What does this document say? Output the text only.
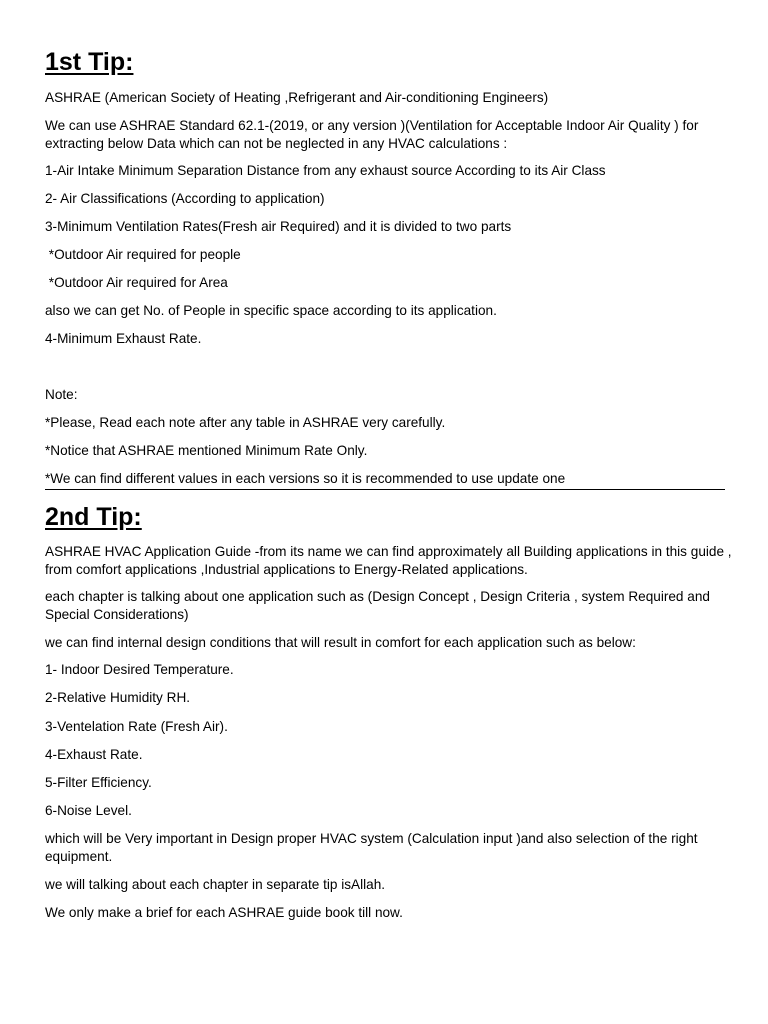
1st Tip:

ASHRAE (American Society of Heating ,Refrigerant and Air-conditioning Engineers)

We can use ASHRAE Standard 62.1-(2019, or any version )(Ventilation for Acceptable Indoor Air Quality ) for extracting below Data which can not be neglected in any HVAC calculations :

1-Air Intake Minimum Separation Distance from any exhaust source According to its Air Class

2- Air Classifications (According to application)

3-Minimum Ventilation Rates(Fresh air Required) and it is divided to two parts

*Outdoor Air required for people

*Outdoor Air required for Area

also we can get No. of People in specific space according to its application.

4-Minimum Exhaust Rate.

Note:

*Please, Read each note after any table in ASHRAE very carefully.

*Notice that ASHRAE mentioned Minimum Rate Only.

*We can find different values in each versions so it is recommended to use update one

2nd Tip:

ASHRAE HVAC Application Guide -from its name we can find approximately all Building applications in this guide , from comfort applications ,Industrial applications to Energy-Related applications.

each chapter is talking about one application such as (Design Concept , Design Criteria , system Required and Special Considerations)

we can find internal design conditions that will result in comfort for each application such as below:

1- Indoor Desired Temperature.

2-Relative Humidity RH.

3-Ventelation Rate (Fresh Air).

4-Exhaust Rate.

5-Filter Efficiency.

6-Noise Level.

which will be Very important in Design proper HVAC system (Calculation input )and also selection of the right equipment.

we will talking about each chapter in separate tip isAllah.

We only make a brief for each ASHRAE guide book till now.
